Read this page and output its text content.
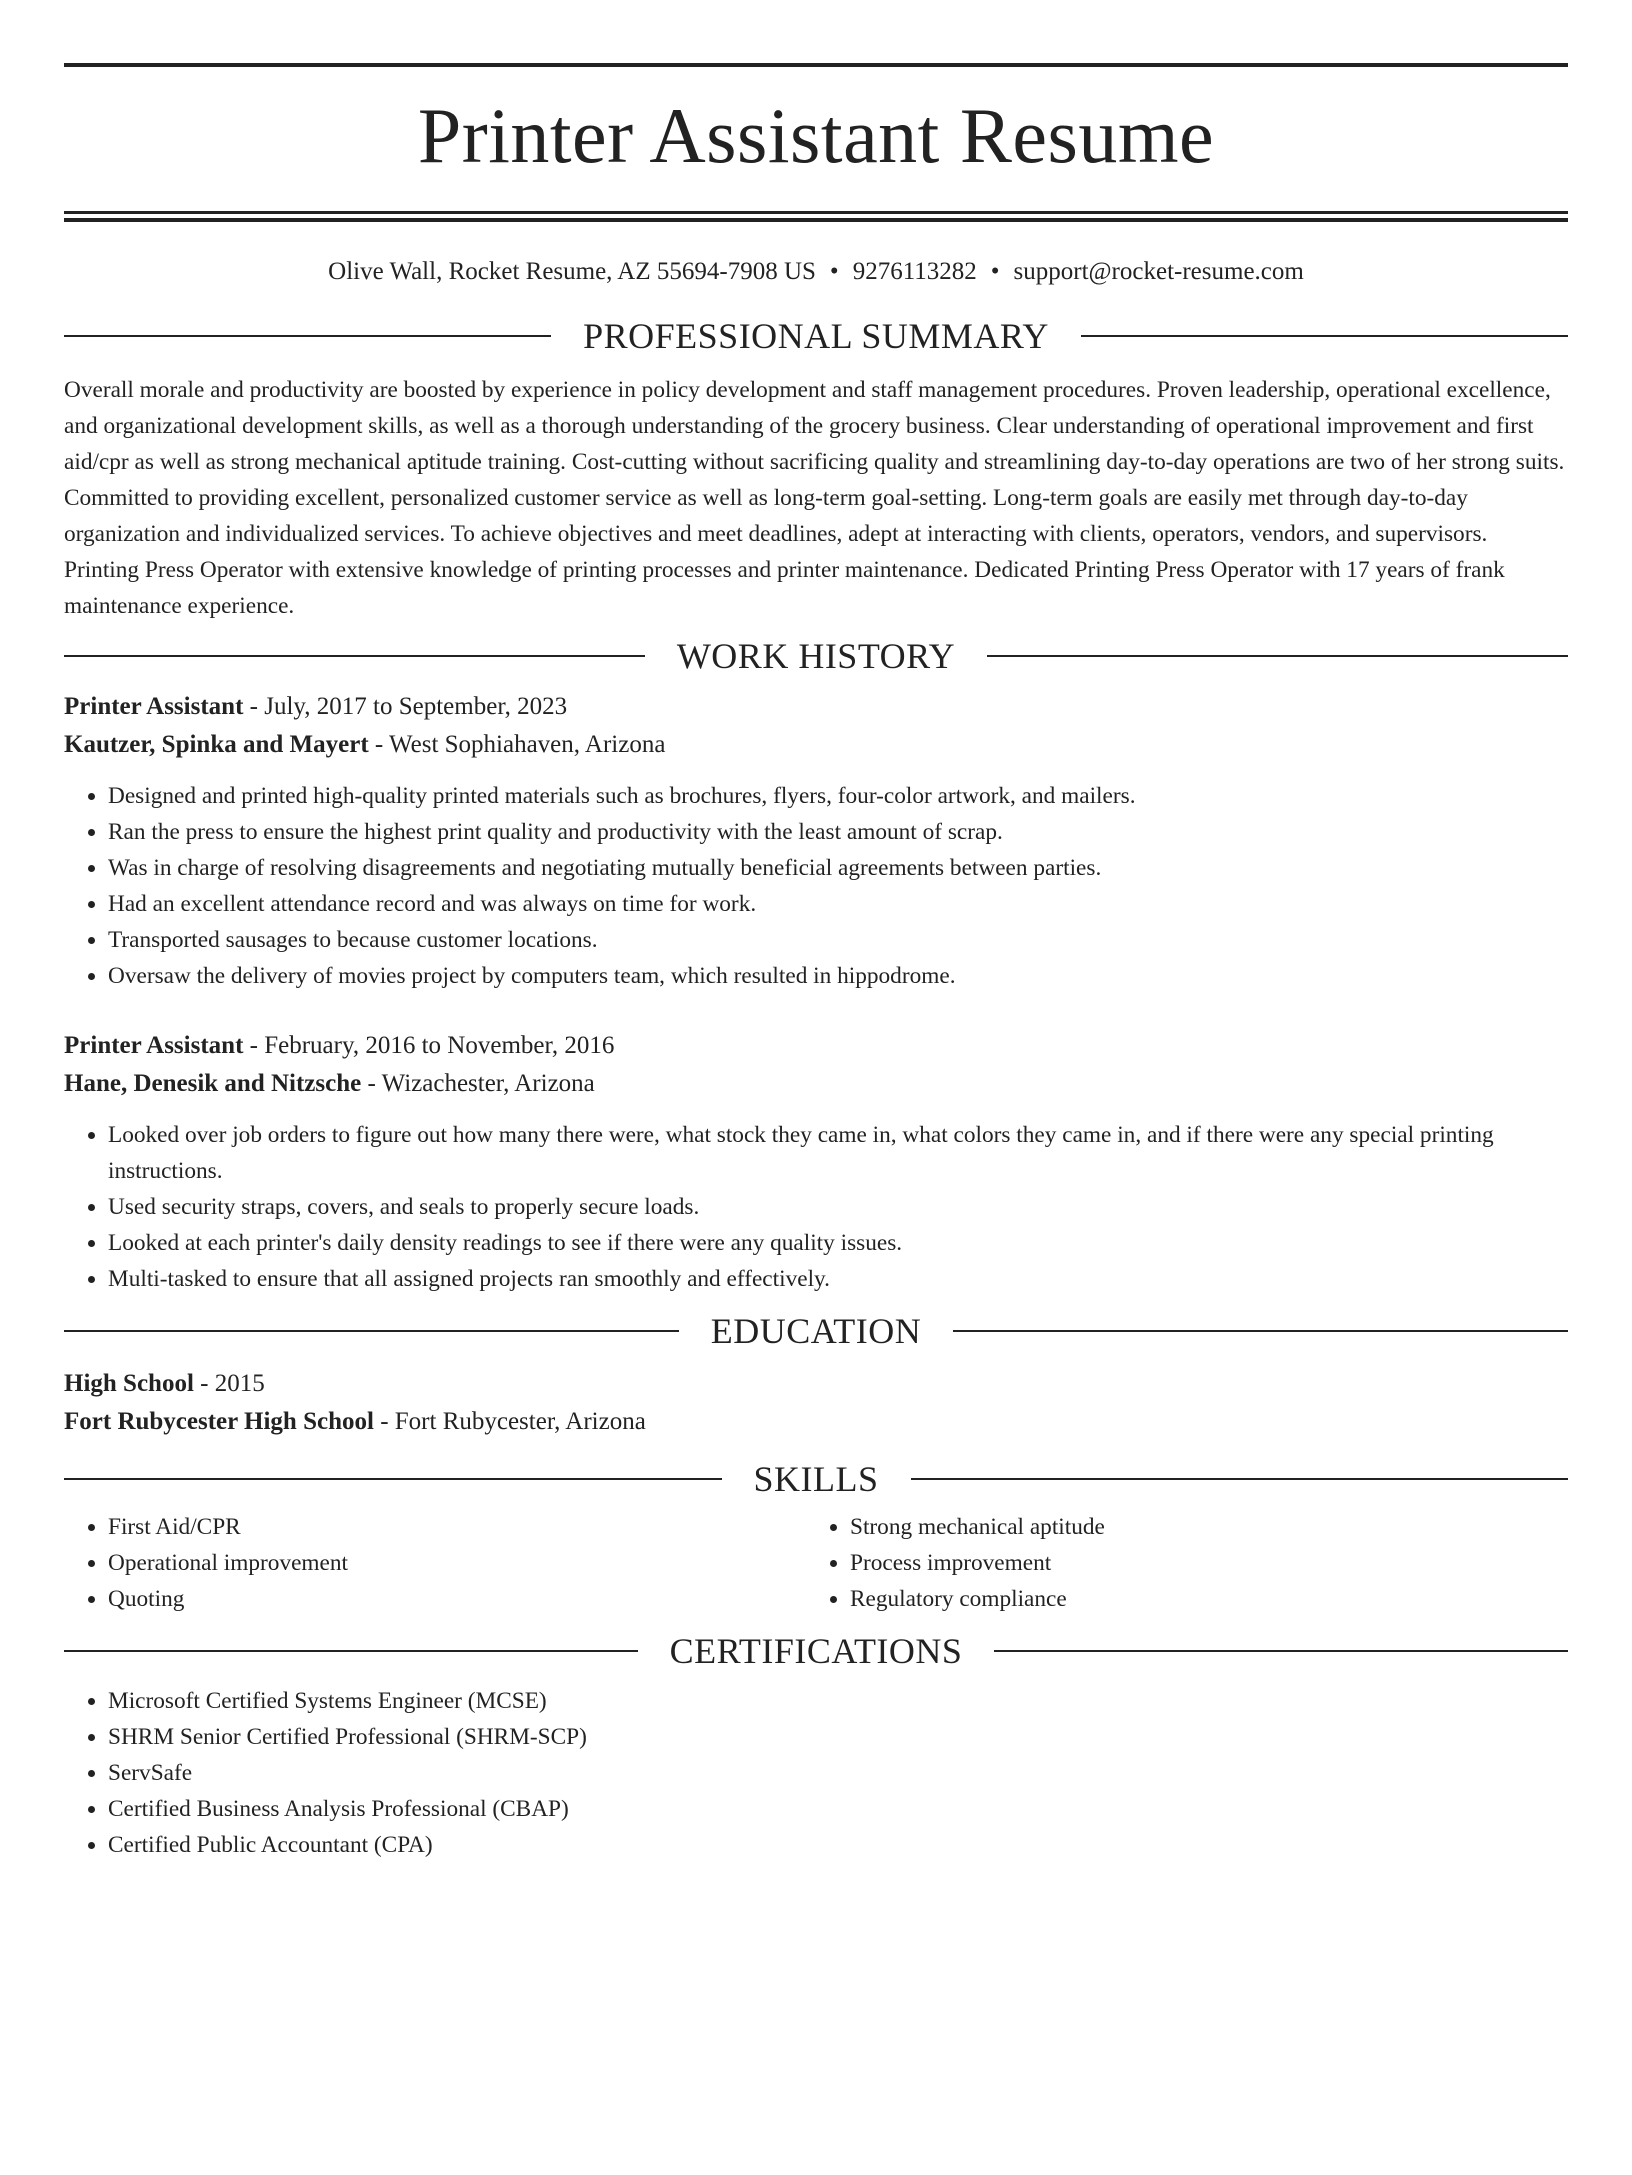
Printer Assistant Resume
Olive Wall, Rocket Resume, AZ 55694-7908 US • 9276113282 • support@rocket-resume.com
PROFESSIONAL SUMMARY

Overall morale and productivity are boosted by experience in policy development and staff management procedures. Proven leadership, operational excellence, and organizational development skills, as well as a thorough understanding of the grocery business. Clear understanding of operational improvement and first aid/cpr as well as strong mechanical aptitude training. Cost-cutting without sacrificing quality and streamlining day-to-day operations are two of her strong suits. Committed to providing excellent, personalized customer service as well as long-term goal-setting. Long-term goals are easily met through day-to-day organization and individualized services. To achieve objectives and meet deadlines, adept at interacting with clients, operators, vendors, and supervisors. Printing Press Operator with extensive knowledge of printing processes and printer maintenance. Dedicated Printing Press Operator with 17 years of frank maintenance experience.

WORK HISTORY

Printer Assistant - July, 2017 to September, 2023

Kautzer, Spinka and Mayert - West Sophiahaven, Arizona

• Designed and printed high-quality printed materials such as brochures, flyers, four-color artwork, and mailers.
• Ran the press to ensure the highest print quality and productivity with the least amount of scrap.
• Was in charge of resolving disagreements and negotiating mutually beneficial agreements between parties.
• Had an excellent attendance record and was always on time for work.
• Transported sausages to because customer locations.
• Oversaw the delivery of movies project by computers team, which resulted in hippodrome.

Printer Assistant - February, 2016 to November, 2016

Hane, Denesik and Nitzsche - Wizachester, Arizona

• Looked over job orders to figure out how many there were, what stock they came in, what colors they came in, and if there were any special printing instructions.
• Used security straps, covers, and seals to properly secure loads.
• Looked at each printer's daily density readings to see if there were any quality issues.
• Multi-tasked to ensure that all assigned projects ran smoothly and effectively.
EDUCATION

High School - 2015

Fort Rubycester High School - Fort Rubycester, Arizona

SKILLS
• First Aid/CPR
• Operational improvement
• Quoting
• Strong mechanical aptitude
• Process improvement
• Regulatory compliance
CERTIFICATIONS
• Microsoft Certified Systems Engineer (MCSE)
• SHRM Senior Certified Professional (SHRM-SCP)
• ServSafe
• Certified Business Analysis Professional (CBAP)
• Certified Public Accountant (CPA)
